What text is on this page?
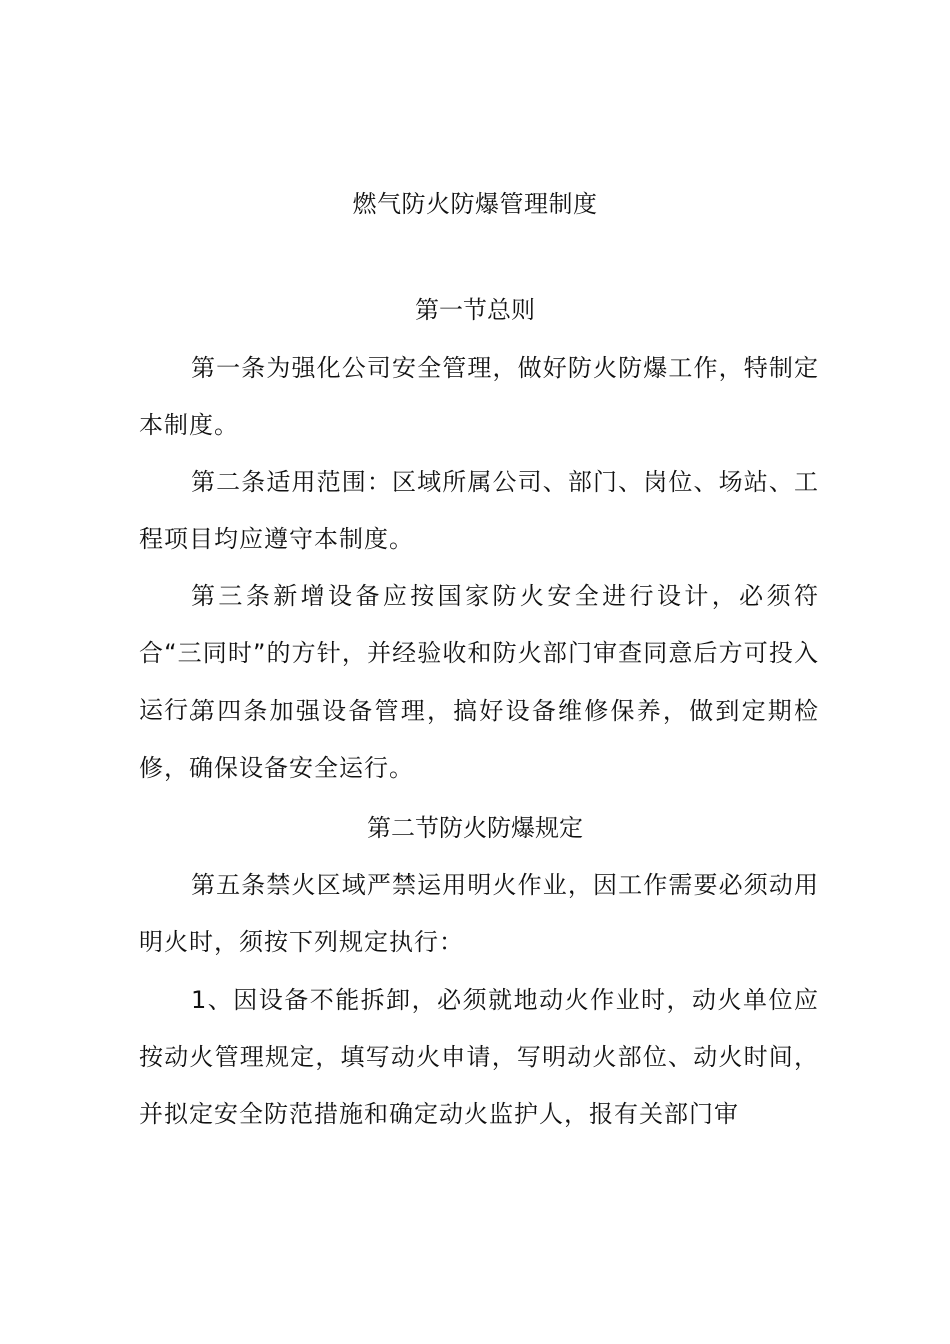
燃气防火防爆管理制度
第一节总则

第一条为强化公司安全管理，做好防火防爆工作，特制定本制度。

第二条适用范围：区域所属公司、部门、岗位、场站、工程项目均应遵守本制度。

第三条新增设备应按国家防火安全进行设计，必须符合“三同时”的方针，并经验收和防火部门审查同意后方可投入运行。

第四条加强设备管理，搞好设备维修保养，做到定期检修，确保设备安全运行。

第二节防火防爆规定

第五条禁火区域严禁运用明火作业，因工作需要必须动用明火时，须按下列规定执行：

1、因设备不能拆卸，必须就地动火作业时，动火单位应按动火管理规定，填写动火申请，写明动火部位、动火时间，并拟定安全防范措施和确定动火监护人，报有关部门审
